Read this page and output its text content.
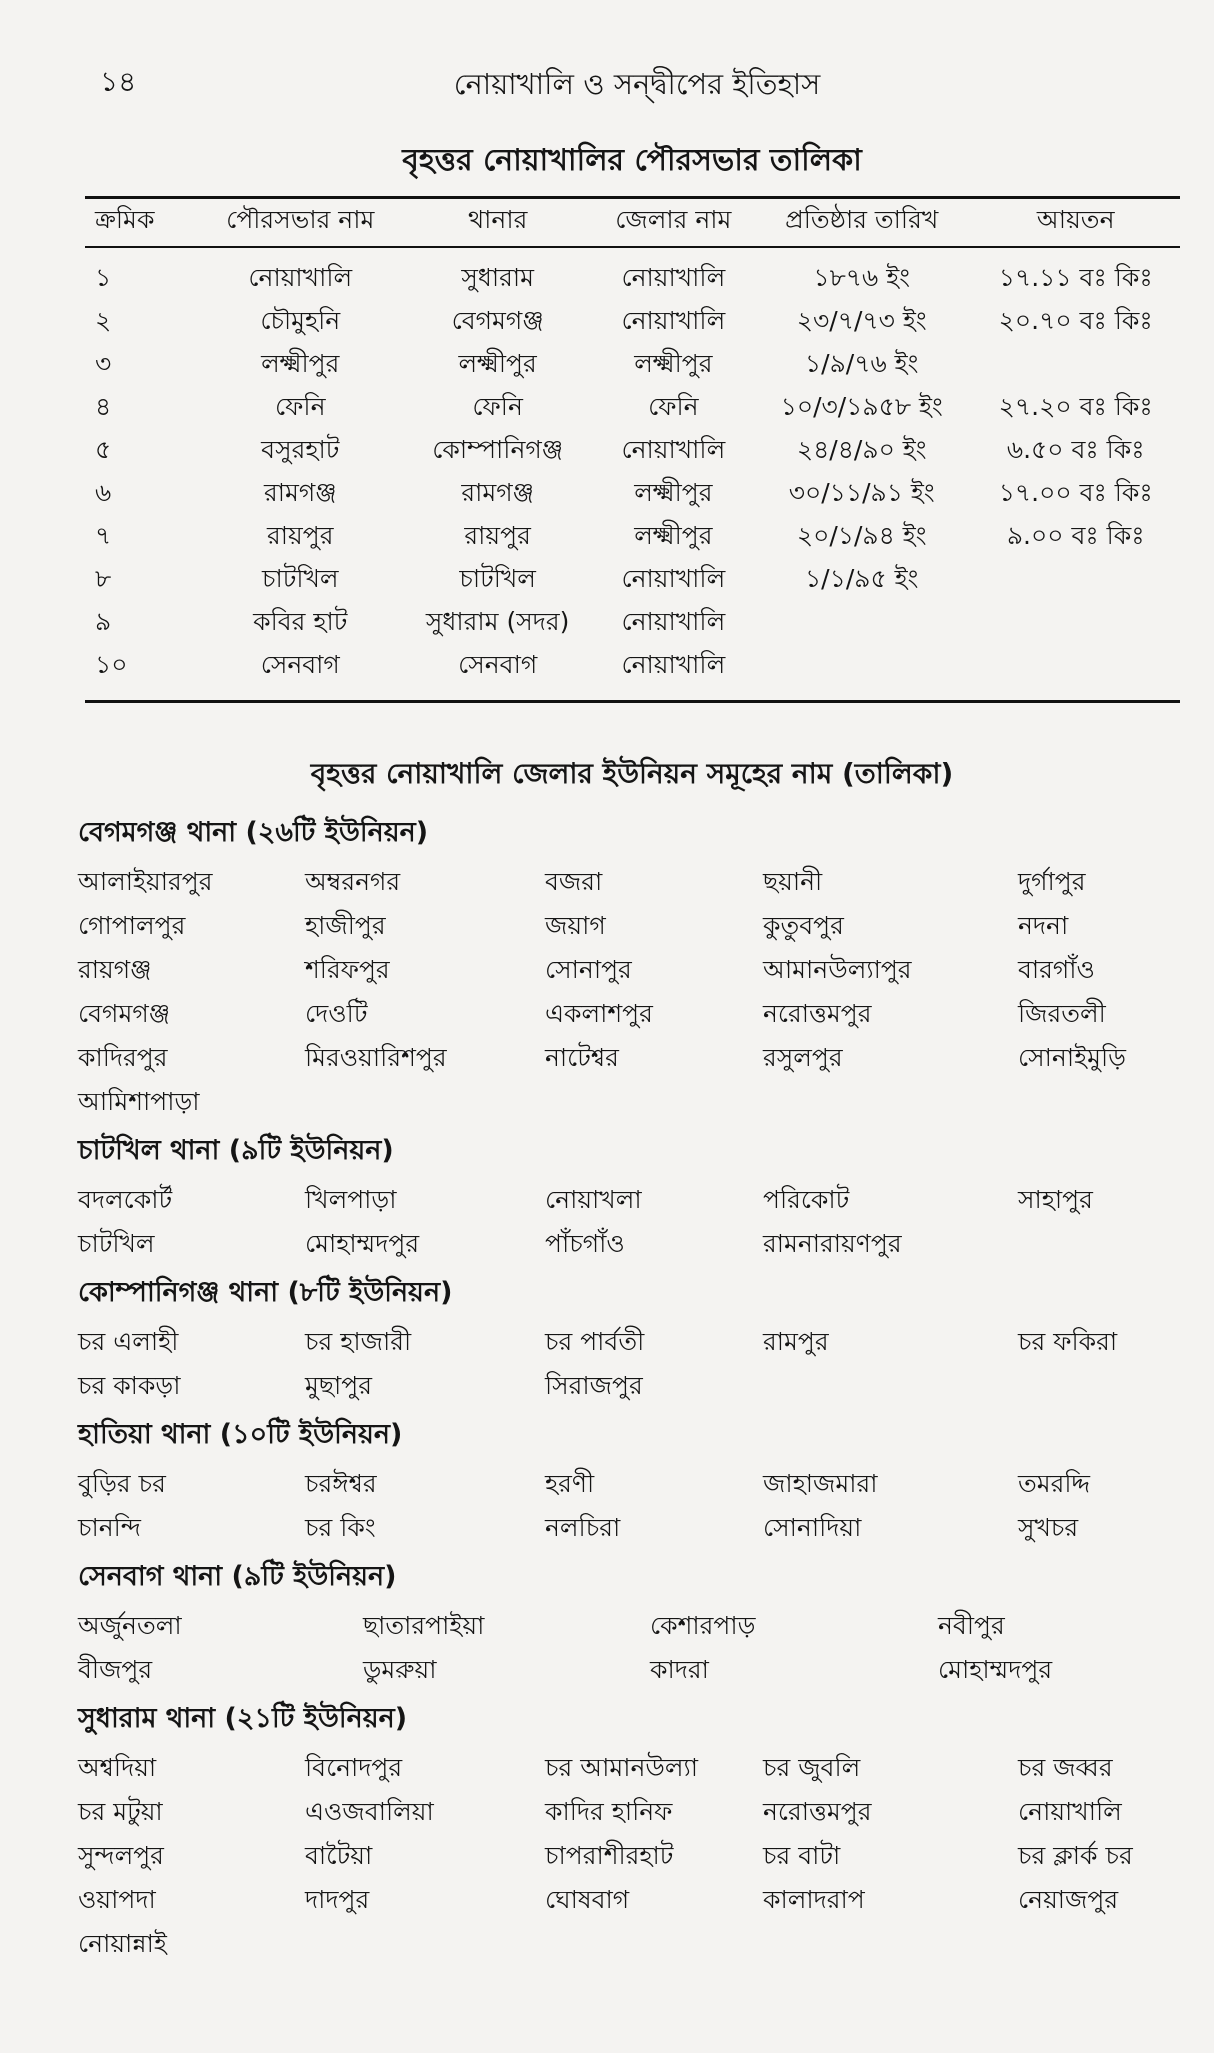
১৪	নোয়াখালি ও সন্দ্বীপের ইতিহাস
বৃহত্তর নোয়াখালির পৌরসভার তালিকা
ক্রমিক	পৌরসভার নাম	থানার	জেলার নাম	প্রতিষ্ঠার তারিখ	আয়তন

১	নোয়াখালি	সুধারাম	নোয়াখালি	১৮৭৬ ইং	১৭.১১ বঃ কিঃ
২	চৌমুহনি	বেগমগঞ্জ	নোয়াখালি	২৩/৭/৭৩ ইং	২০.৭০ বঃ কিঃ
৩	লক্ষ্মীপুর	লক্ষ্মীপুর	লক্ষ্মীপুর	১/৯/৭৬ ইং	
৪	ফেনি	ফেনি	ফেনি	১০/৩/১৯৫৮ ইং	২৭.২০ বঃ কিঃ
৫	বসুরহাট	কোম্পানিগঞ্জ	নোয়াখালি	২৪/৪/৯০ ইং	৬.৫০ বঃ কিঃ
৬	রামগঞ্জ	রামগঞ্জ	লক্ষ্মীপুর	৩০/১১/৯১ ইং	১৭.০০ বঃ কিঃ
৭	রায়পুর	রায়পুর	লক্ষ্মীপুর	২০/১/৯৪ ইং	৯.০০ বঃ কিঃ
৮	চাটখিল	চাটখিল	নোয়াখালি	১/১/৯৫ ইং	
৯	কবির হাট	সুধারাম (সদর)	নোয়াখালি		
১০	সেনবাগ	সেনবাগ	নোয়াখালি		
বৃহত্তর নোয়াখালি জেলার ইউনিয়ন সমূহের নাম (তালিকা)
বেগমগঞ্জ থানা (২৬টি ইউনিয়ন)
আলাইয়ারপুর	অম্বরনগর	বজরা	ছয়ানী	দুর্গাপুর
গোপালপুর	হাজীপুর	জয়াগ	কুতুবপুর	নদনা
রায়গঞ্জ	শরিফপুর	সোনাপুর	আমানউল্যাপুর	বারগাঁও
বেগমগঞ্জ	দেওটি	একলাশপুর	নরোত্তমপুর	জিরতলী
কাদিরপুর	মিরওয়ারিশপুর	নাটেশ্বর	রসুলপুর	সোনাইমুড়ি
আমিশাপাড়া
চাটখিল থানা (৯টি ইউনিয়ন)
বদলকোর্ট	খিলপাড়া	নোয়াখলা	পরিকোট	সাহাপুর
চাটখিল	মোহাম্মদপুর	পাঁচগাঁও	রামনারায়ণপুর
কোম্পানিগঞ্জ থানা (৮টি ইউনিয়ন)
চর এলাহী	চর হাজারী	চর পার্বতী	রামপুর	চর ফকিরা
চর কাকড়া	মুছাপুর	সিরাজপুর
হাতিয়া থানা (১০টি ইউনিয়ন)
বুড়ির চর	চরঈশ্বর	হরণী	জাহাজমারা	তমরদ্দি
চানন্দি	চর কিং	নলচিরা	সোনাদিয়া	সুখচর
সেনবাগ থানা (৯টি ইউনিয়ন)
অর্জুনতলা	ছাতারপাইয়া	কেশারপাড়	নবীপুর
বীজপুর	ডুমরুয়া	কাদরা	মোহাম্মদপুর
সুধারাম থানা (২১টি ইউনিয়ন)
অশ্বদিয়া	বিনোদপুর	চর আমানউল্যা	চর জুবলি	চর জব্বর
চর মটুয়া	এওজবালিয়া	কাদির হানিফ	নরোত্তমপুর	নোয়াখালি
সুন্দলপুর	বাটৈয়া	চাপরাশীরহাট	চর বাটা	চর ক্লার্ক চর
ওয়াপদা	দাদপুর	ঘোষবাগ	কালাদরাপ	নেয়াজপুর
নোয়ান্নাই
